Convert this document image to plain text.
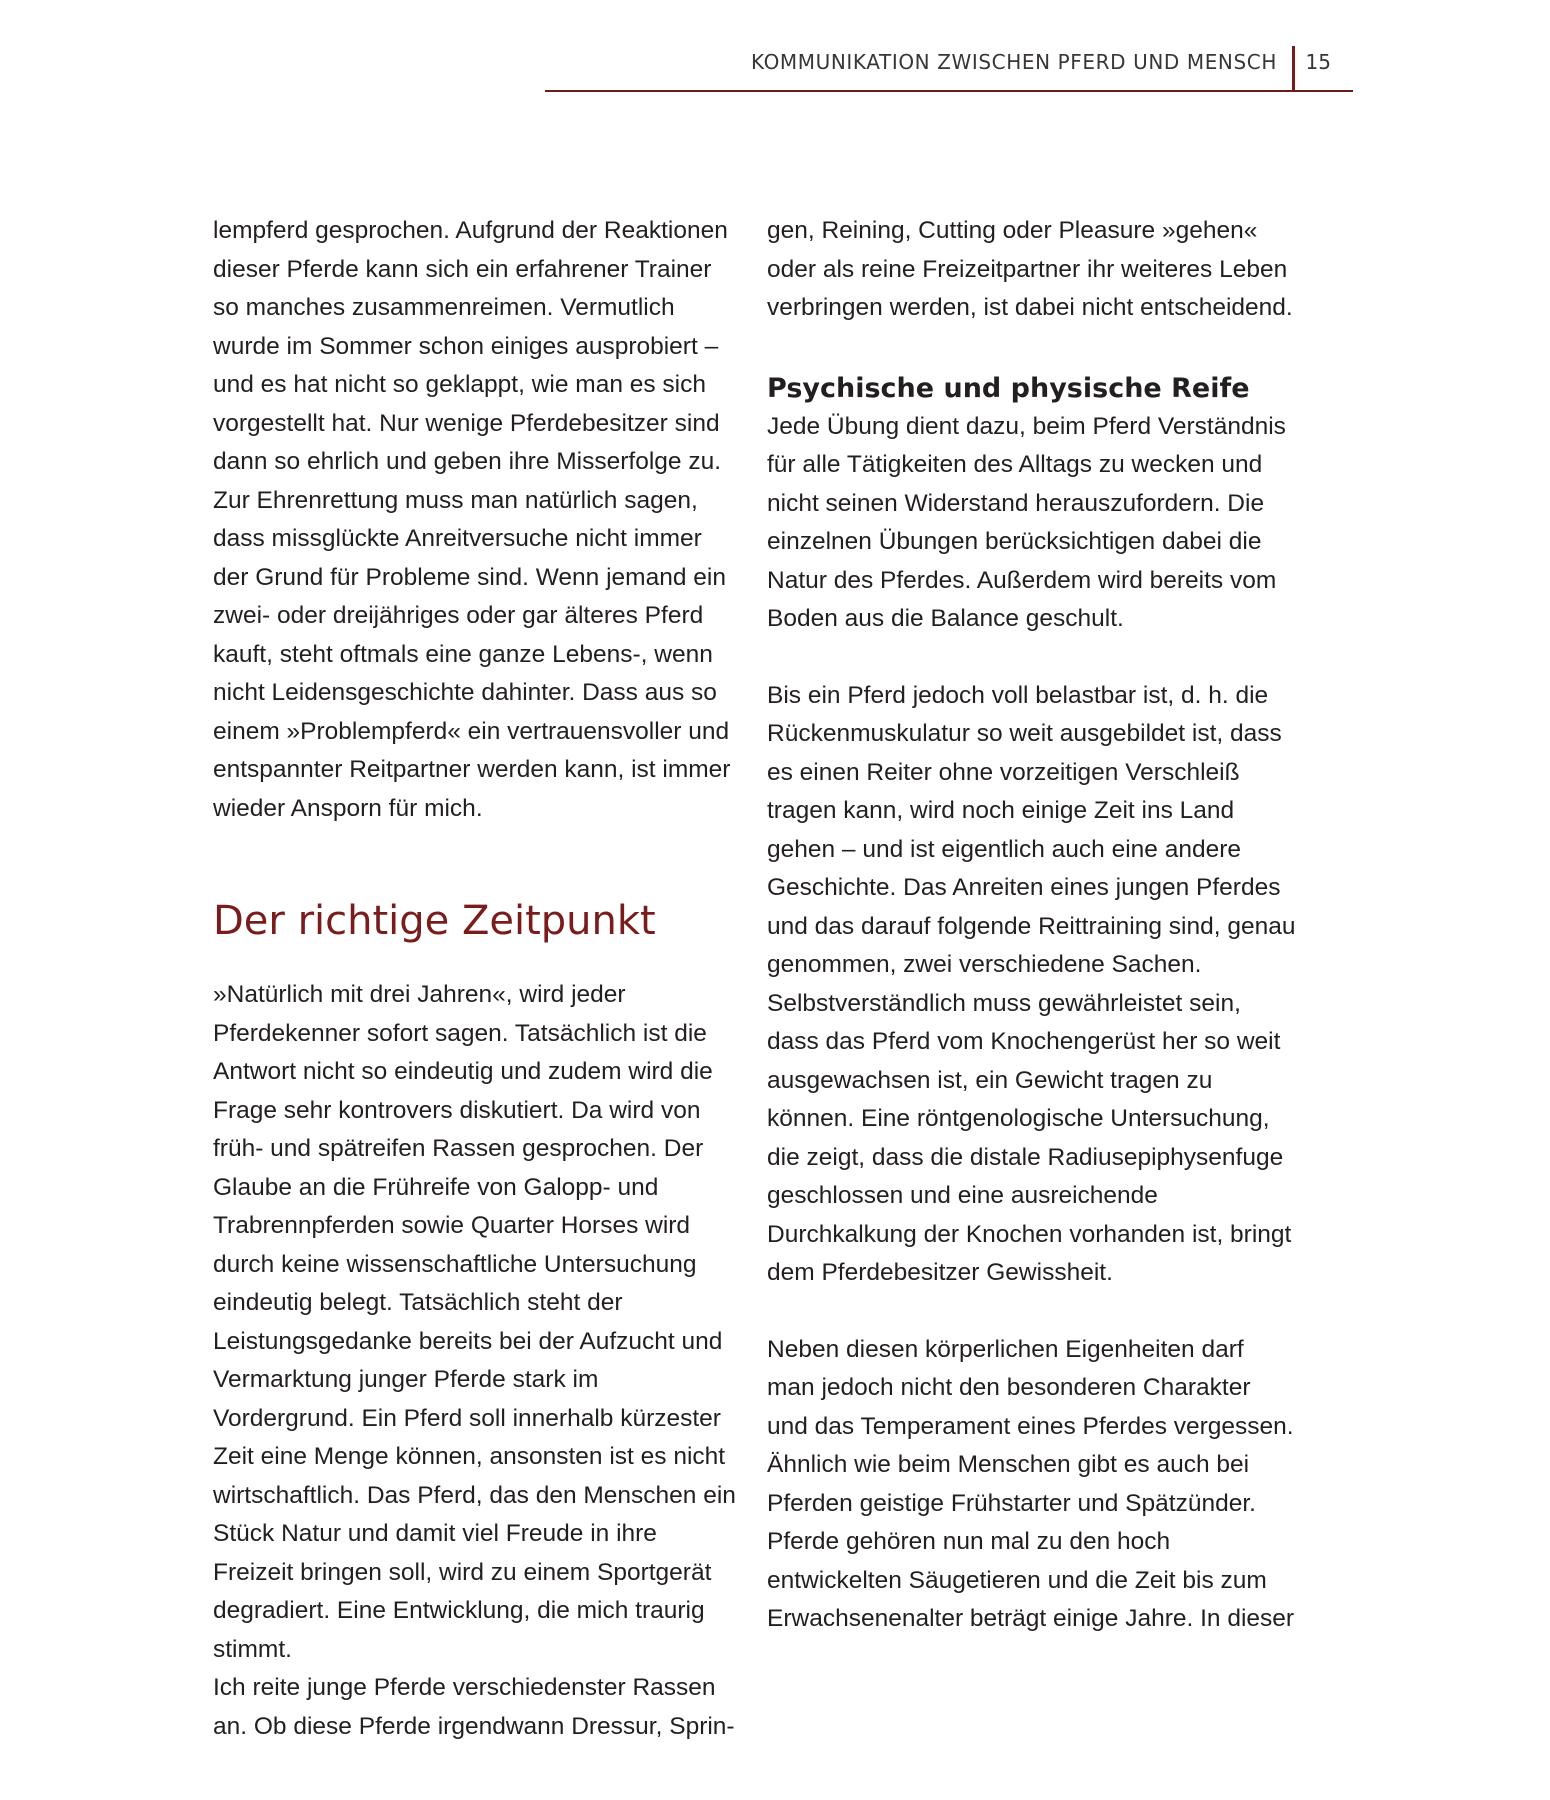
KOMMUNIKATION ZWISCHEN PFERD UND MENSCH 15

lempferd gesprochen. Aufgrund der Reaktionen dieser Pferde kann sich ein erfahrener Trainer so manches zusammenreimen. Vermutlich wurde im Sommer schon einiges ausprobiert – und es hat nicht so geklappt, wie man es sich vorgestellt hat. Nur wenige Pferdebesitzer sind dann so ehrlich und geben ihre Misserfolge zu. Zur Ehrenrettung muss man natürlich sagen, dass missglückte Anreitversuche nicht immer der Grund für Probleme sind. Wenn jemand ein zwei- oder dreijähriges oder gar älteres Pferd kauft, steht oftmals eine ganze Lebens-, wenn nicht Leidensgeschichte dahinter. Dass aus so einem »Problempferd« ein vertrauensvoller und entspannter Reitpartner werden kann, ist immer wieder Ansporn für mich.

Der richtige Zeitpunkt

»Natürlich mit drei Jahren«, wird jeder Pferdekenner sofort sagen. Tatsächlich ist die Antwort nicht so eindeutig und zudem wird die Frage sehr kontrovers diskutiert. Da wird von früh- und spätreifen Rassen gesprochen. Der Glaube an die Frühreife von Galopp- und Trabrennpferden sowie Quarter Horses wird durch keine wissenschaftliche Untersuchung eindeutig belegt. Tatsächlich steht der Leistungsgedanke bereits bei der Aufzucht und Vermarktung junger Pferde stark im Vordergrund. Ein Pferd soll innerhalb kürzester Zeit eine Menge können, ansonsten ist es nicht wirtschaftlich. Das Pferd, das den Menschen ein Stück Natur und damit viel Freude in ihre Freizeit bringen soll, wird zu einem Sportgerät degradiert. Eine Entwicklung, die mich traurig stimmt.

Ich reite junge Pferde verschiedenster Rassen an. Ob diese Pferde irgendwann Dressur, Sprin-

gen, Reining, Cutting oder Pleasure »gehen« oder als reine Freizeitpartner ihr weiteres Leben verbringen werden, ist dabei nicht entscheidend.

Psychische und physische Reife

Jede Übung dient dazu, beim Pferd Verständnis für alle Tätigkeiten des Alltags zu wecken und nicht seinen Widerstand herauszufordern. Die einzelnen Übungen berücksichtigen dabei die Natur des Pferdes. Außerdem wird bereits vom Boden aus die Balance geschult.

Bis ein Pferd jedoch voll belastbar ist, d. h. die Rückenmuskulatur so weit ausgebildet ist, dass es einen Reiter ohne vorzeitigen Verschleiß tragen kann, wird noch einige Zeit ins Land gehen – und ist eigentlich auch eine andere Geschichte. Das Anreiten eines jungen Pferdes und das darauf folgende Reittraining sind, genau genommen, zwei verschiedene Sachen. Selbstverständlich muss gewährleistet sein, dass das Pferd vom Knochengerüst her so weit ausgewachsen ist, ein Gewicht tragen zu können. Eine röntgenologische Untersuchung, die zeigt, dass die distale Radiusepiphysenfuge geschlossen und eine ausreichende Durchkalkung der Knochen vorhanden ist, bringt dem Pferdebesitzer Gewissheit.

Neben diesen körperlichen Eigenheiten darf man jedoch nicht den besonderen Charakter und das Temperament eines Pferdes vergessen. Ähnlich wie beim Menschen gibt es auch bei Pferden geistige Frühstarter und Spätzünder. Pferde gehören nun mal zu den hoch entwickelten Säugetieren und die Zeit bis zum Erwachsenenalter beträgt einige Jahre. In dieser
